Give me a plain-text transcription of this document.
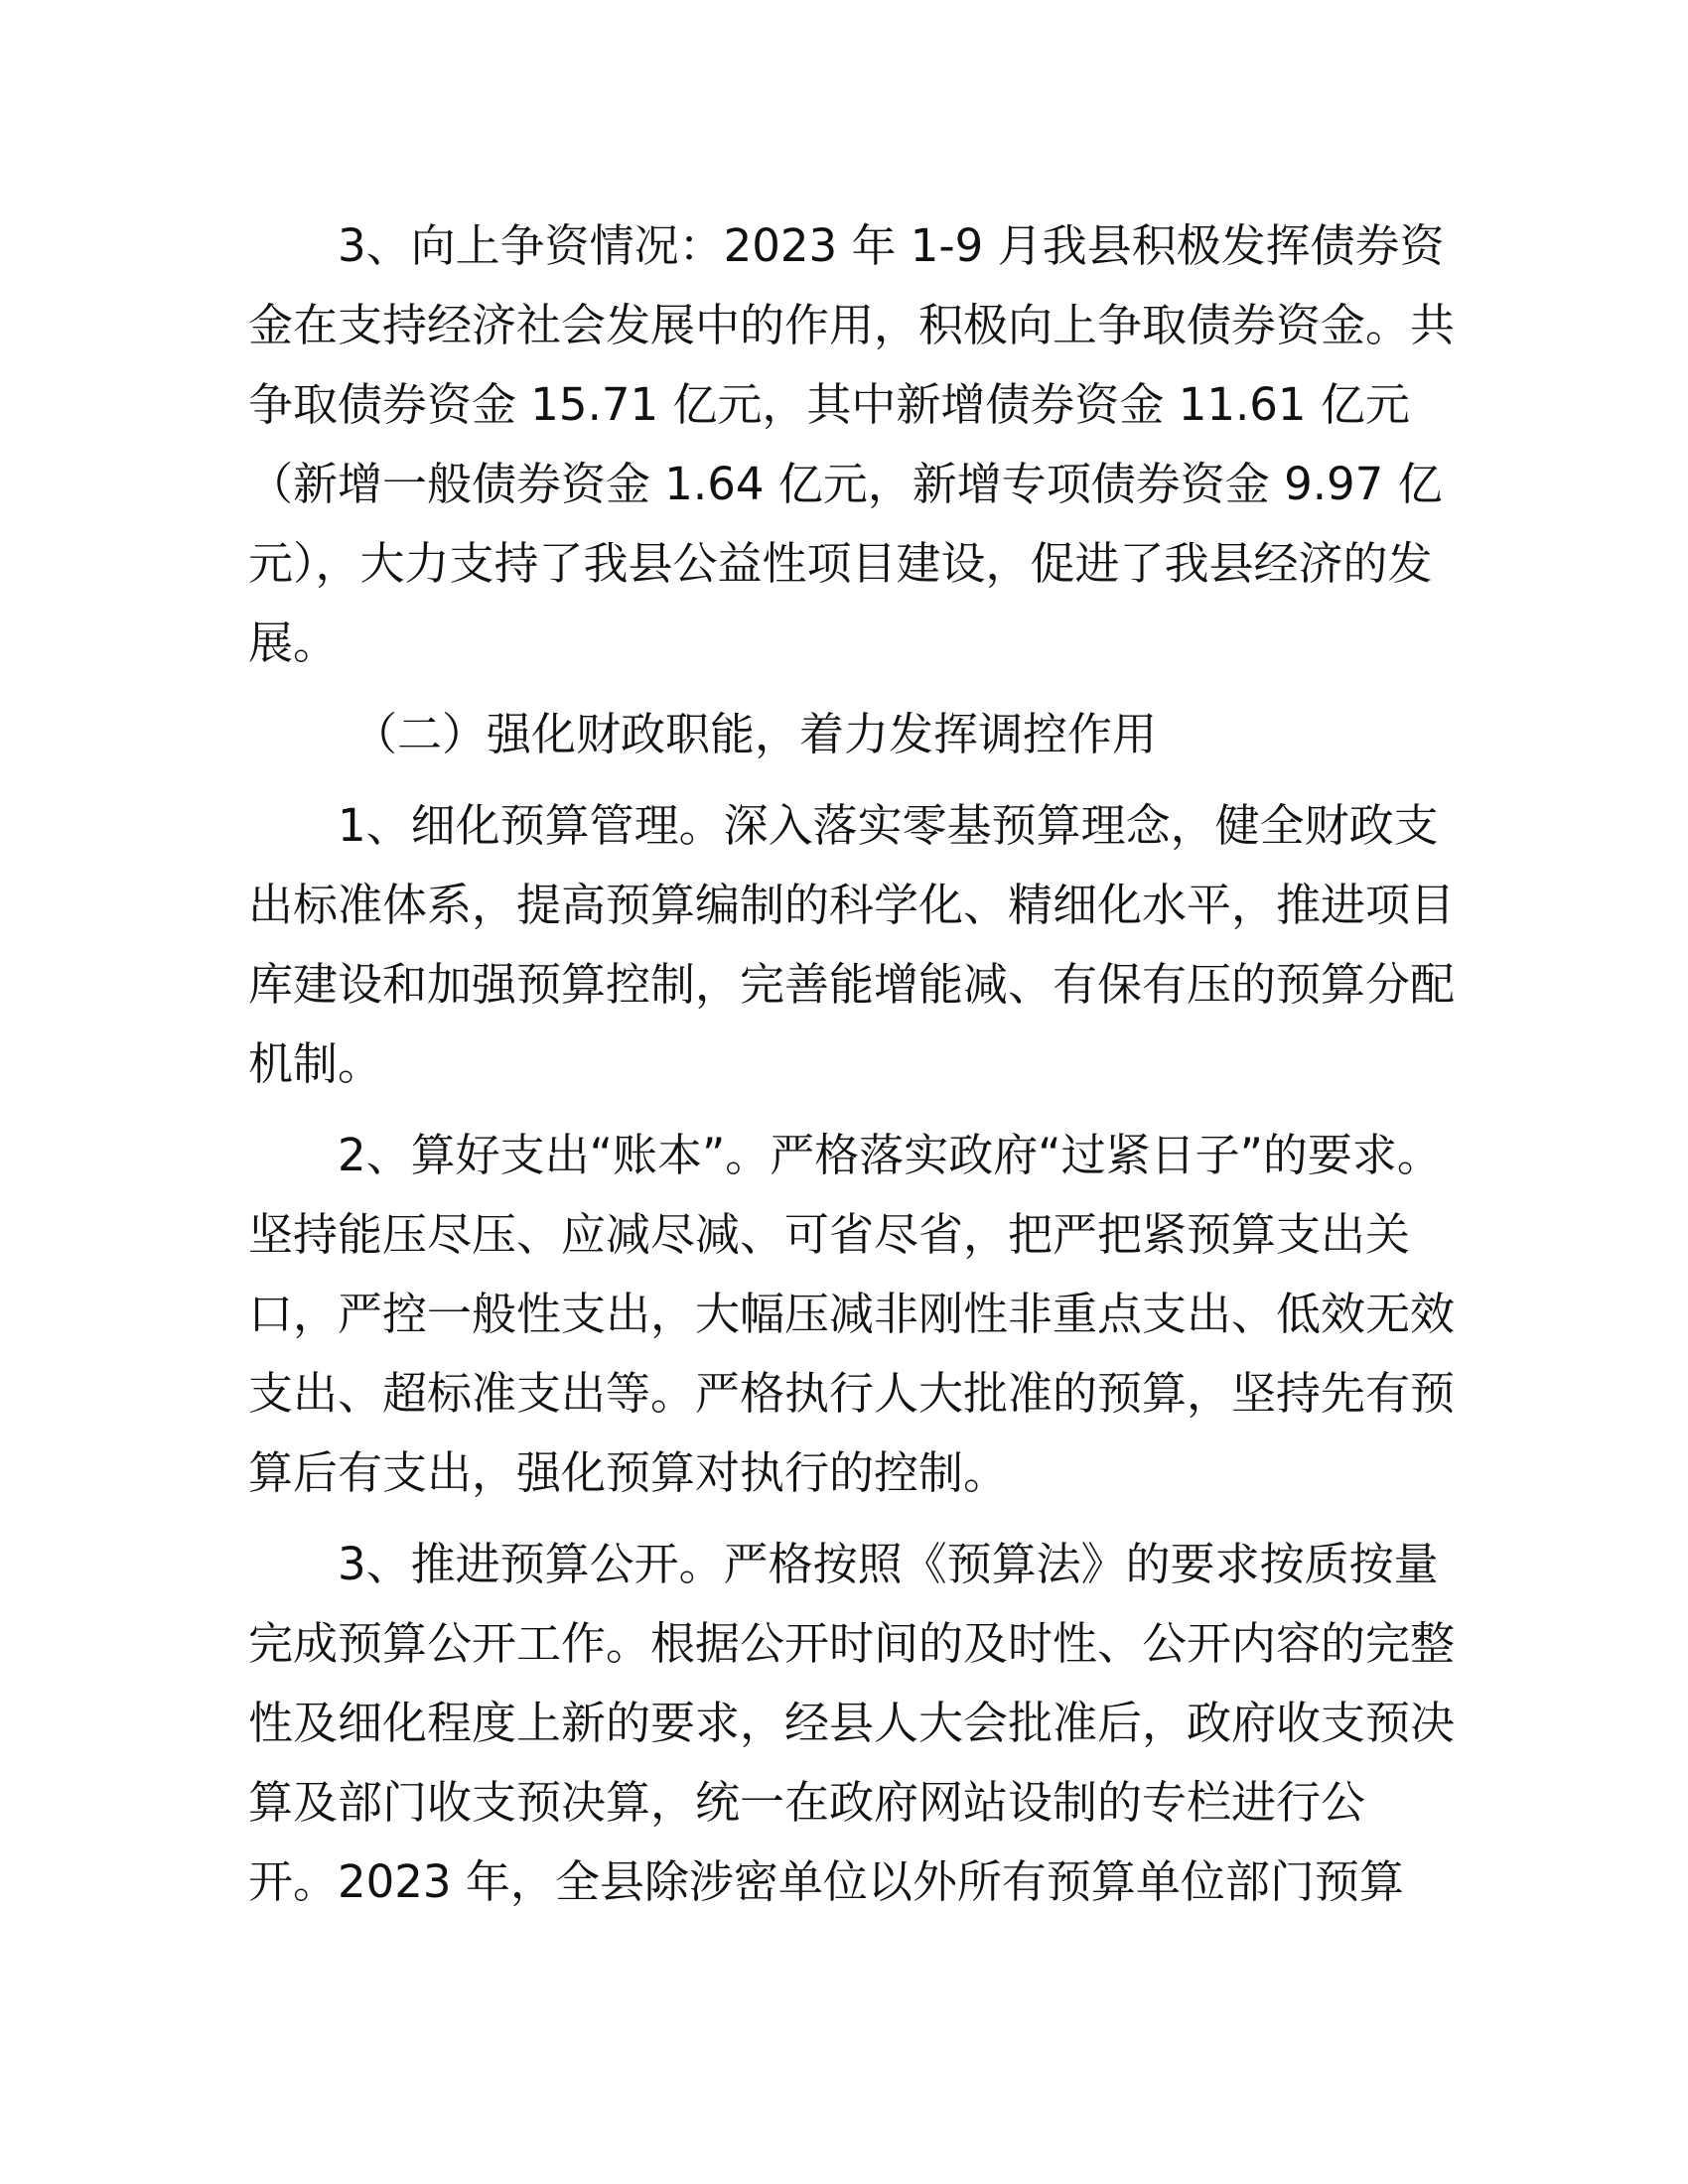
3、向上争资情况：2023 年 1-9 月我县积极发挥债券资
金在支持经济社会发展中的作用，积极向上争取债券资金。共
争取债券资金 15.71 亿元，其中新增债券资金 11.61 亿元
（新增一般债券资金 1.64 亿元，新增专项债券资金 9.97 亿
元），大力支持了我县公益性项目建设，促进了我县经济的发
展。
（二）强化财政职能，着力发挥调控作用
1、细化预算管理。深入落实零基预算理念，健全财政支
出标准体系，提高预算编制的科学化、精细化水平，推进项目
库建设和加强预算控制，完善能增能减、有保有压的预算分配
机制。
2、算好支出“账本”。严格落实政府“过紧日子”的要求。
坚持能压尽压、应减尽减、可省尽省，把严把紧预算支出关
口，严控一般性支出，大幅压减非刚性非重点支出、低效无效
支出、超标准支出等。严格执行人大批准的预算，坚持先有预
算后有支出，强化预算对执行的控制。
3、推进预算公开。严格按照《预算法》的要求按质按量
完成预算公开工作。根据公开时间的及时性、公开内容的完整
性及细化程度上新的要求，经县人大会批准后，政府收支预决
算及部门收支预决算，统一在政府网站设制的专栏进行公
开。2023 年，全县除涉密单位以外所有预算单位部门预算
